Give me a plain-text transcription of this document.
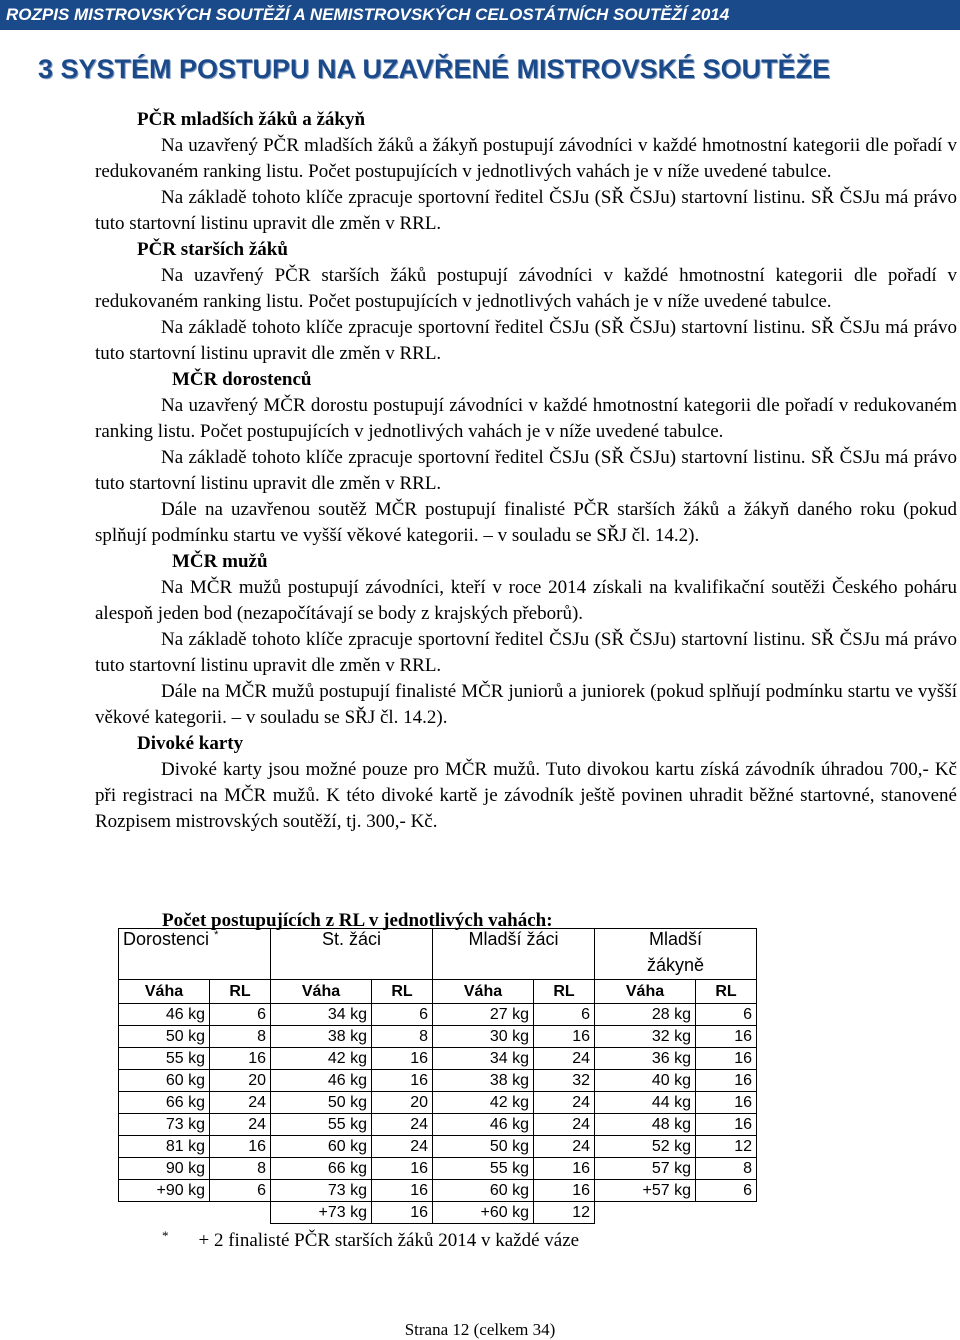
ROZPIS MISTROVSKÝCH SOUTĚŽÍ A NEMISTROVSKÝCH CELOSTÁTNÍCH SOUTĚŽÍ 2014
3 SYSTÉM POSTUPU NA UZAVŘENÉ MISTROVSKÉ SOUTĚŽE

PČR mladších žáků a žákyň

Na uzavřený PČR mladších žáků a žákyň postupují závodníci v každé hmotnostní kategorii dle pořadí v redukovaném ranking listu. Počet postupujících v jednotlivých vahách je v níže uvedené tabulce.

Na základě tohoto klíče zpracuje sportovní ředitel ČSJu (SŘ ČSJu) startovní listinu. SŘ ČSJu má právo tuto startovní listinu upravit dle změn v RRL.

PČR starších žáků

Na uzavřený PČR starších žáků postupují závodníci v každé hmotnostní kategorii dle pořadí v redukovaném ranking listu. Počet postupujících v jednotlivých vahách je v níže uvedené tabulce.

Na základě tohoto klíče zpracuje sportovní ředitel ČSJu (SŘ ČSJu) startovní listinu. SŘ ČSJu má právo tuto startovní listinu upravit dle změn v RRL.

MČR dorostenců

Na uzavřený MČR dorostu postupují závodníci v každé hmotnostní kategorii dle pořadí v redukovaném ranking listu. Počet postupujících v jednotlivých vahách je v níže uvedené tabulce.

Na základě tohoto klíče zpracuje sportovní ředitel ČSJu (SŘ ČSJu) startovní listinu. SŘ ČSJu má právo tuto startovní listinu upravit dle změn v RRL.

Dále na uzavřenou soutěž MČR postupují finalisté PČR starších žáků a žákyň daného roku (pokud splňují podmínku startu ve vyšší věkové kategorii. – v souladu se SŘJ čl. 14.2).

MČR mužů

Na MČR mužů postupují závodníci, kteří v roce 2014 získali na kvalifikační soutěži Českého poháru alespoň jeden bod (nezapočítávají se body z krajských přeborů).

Na základě tohoto klíče zpracuje sportovní ředitel ČSJu (SŘ ČSJu) startovní listinu. SŘ ČSJu má právo tuto startovní listinu upravit dle změn v RRL.

Dále na MČR mužů postupují finalisté MČR juniorů a juniorek (pokud splňují podmínku startu ve vyšší věkové kategorii. – v souladu se SŘJ čl. 14.2).

Divoké karty

Divoké karty jsou možné pouze pro MČR mužů. Tuto divokou kartu získá závodník úhradou 700,- Kč při registraci na MČR mužů. K této divoké kartě je závodník ještě povinen uhradit běžné startovné, stanovené Rozpisem mistrovských soutěží, tj. 300,- Kč.

Počet postupujících z RL v jednotlivých vahách:
Dorostenci *		St. žáci		Mladší žáci		Mladší	
						žákyně	
Váha	RL	Váha	RL	Váha	RL	Váha	RL
46 kg	6	34 kg	6	27 kg	6	28 kg	6
50 kg	8	38 kg	8	30 kg	16	32 kg	16
55 kg	16	42 kg	16	34 kg	24	36 kg	16
60 kg	20	46 kg	16	38 kg	32	40 kg	16
66 kg	24	50 kg	20	42 kg	24	44 kg	16
73 kg	24	55 kg	24	46 kg	24	48 kg	16
81 kg	16	60 kg	24	50 kg	24	52 kg	12
90 kg	8	66 kg	16	55 kg	16	57 kg	8
+90 kg	6	73 kg	16	60 kg	16	+57 kg	6
		+73 kg	16	+60 kg	12		
* + 2 finalisté PČR starších žáků 2014 v každé váze
Strana 12 (celkem 34)
